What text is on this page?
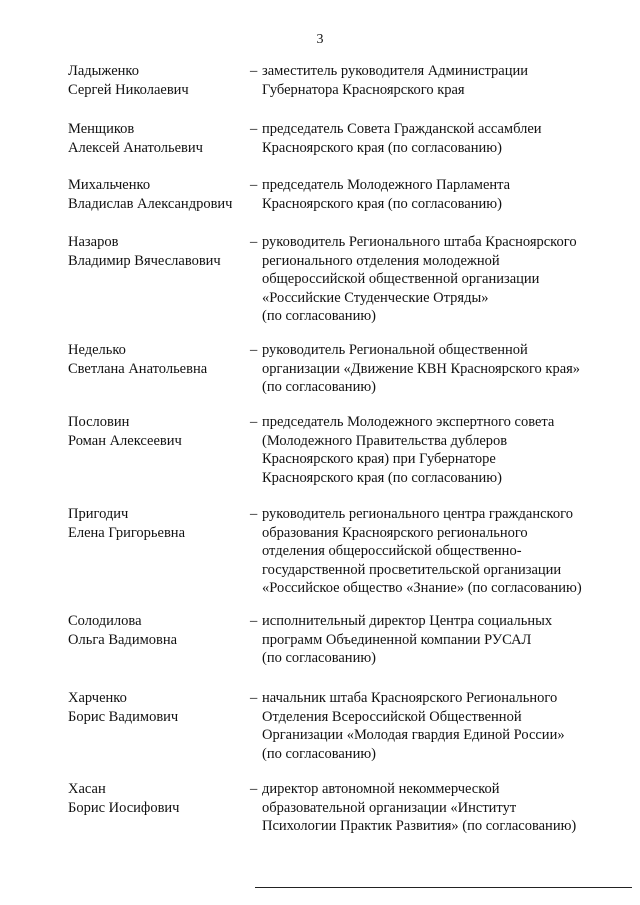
3
Ладыженко
Сергей Николаевич
– заместитель руководителя Администрации
Губернатора Красноярского края
Менщиков
Алексей Анатольевич
– председатель Совета Гражданской ассамблеи
Красноярского края (по согласованию)
Михальченко
Владислав Александрович
– председатель Молодежного Парламента
Красноярского края (по согласованию)
Назаров
Владимир Вячеславович
– руководитель Регионального штаба Красноярского
регионального отделения молодежной
общероссийской общественной организации
«Российские Студенческие Отряды»
(по согласованию)
Неделько
Светлана Анатольевна
– руководитель Региональной общественной
организации «Движение КВН Красноярского края»
(по согласованию)
Пословин
Роман Алексеевич
– председатель Молодежного экспертного совета
(Молодежного Правительства дублеров
Красноярского края) при Губернаторе
Красноярского края (по согласованию)
Пригодич
Елена Григорьевна
– руководитель регионального центра гражданского
образования Красноярского регионального
отделения общероссийской общественно-
государственной просветительской организации
«Российское общество «Знание» (по согласованию)
Солодилова
Ольга Вадимовна
– исполнительный директор Центра социальных
программ Объединенной компании РУСАЛ
(по согласованию)
Харченко
Борис Вадимович
– начальник штаба Красноярского Регионального
Отделения Всероссийской Общественной
Организации «Молодая гвардия Единой России»
(по согласованию)
Хасан
Борис Иосифович
– директор автономной некоммерческой
образовательной организации «Институт
Психологии Практик Развития» (по согласованию)
